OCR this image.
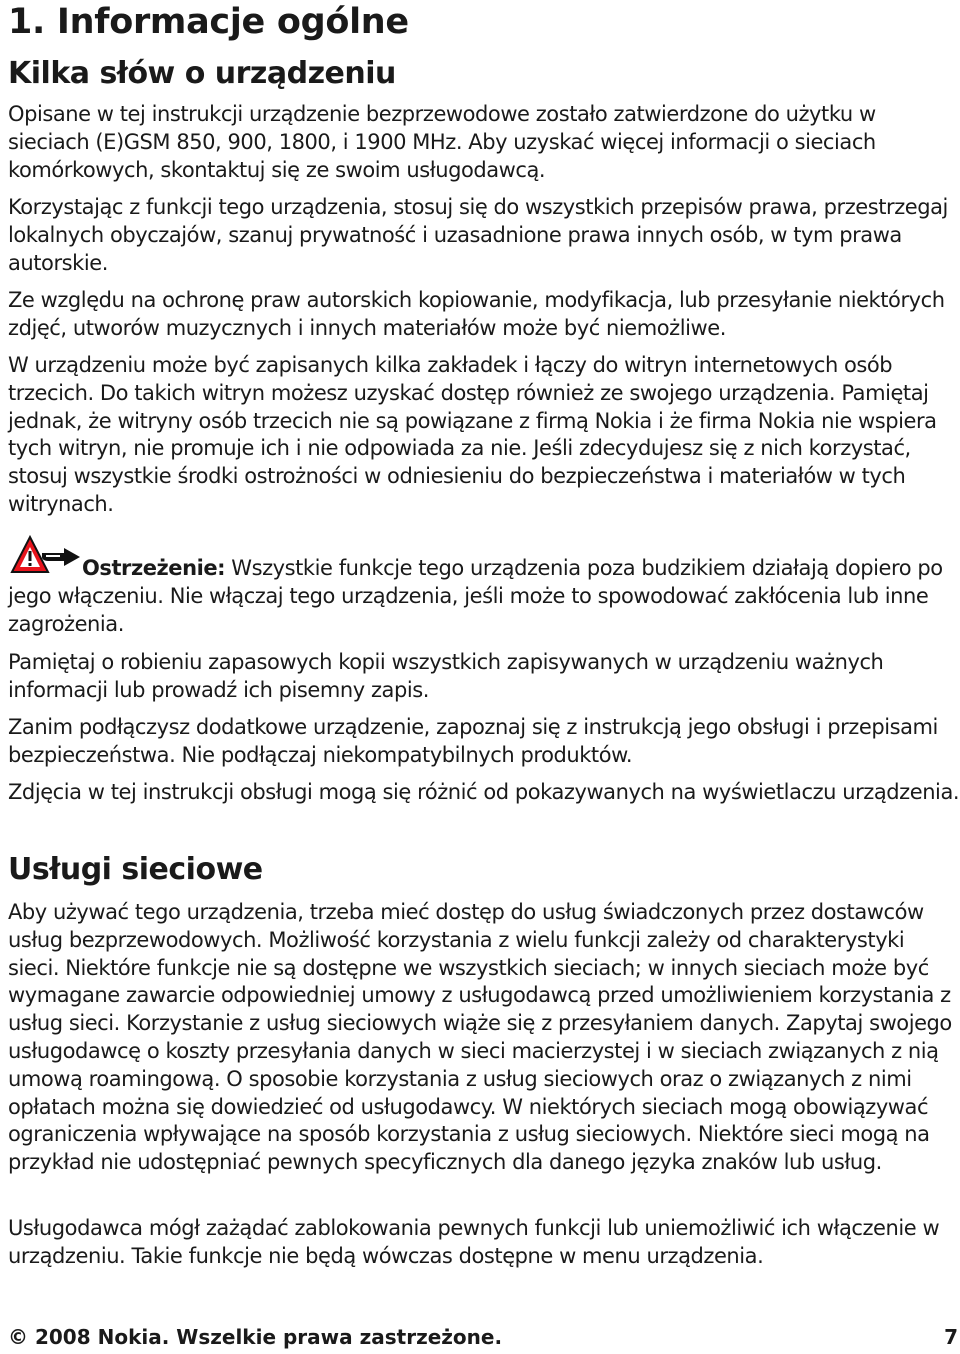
1. Informacje ogólne
Kilka słów o urządzeniu

Opisane w tej instrukcji urządzenie bezprzewodowe zostało zatwierdzone do użytku w sieciach (E)GSM 850, 900, 1800, i 1900 MHz. Aby uzyskać więcej informacji o sieciach komórkowych, skontaktuj się ze swoim usługodawcą.

Korzystając z funkcji tego urządzenia, stosuj się do wszystkich przepisów prawa, przestrzegaj lokalnych obyczajów, szanuj prywatność i uzasadnione prawa innych osób, w tym prawa autorskie.

Ze względu na ochronę praw autorskich kopiowanie, modyfikacja, lub przesyłanie niektórych zdjęć, utworów muzycznych i innych materiałów może być niemożliwe.

W urządzeniu może być zapisanych kilka zakładek i łączy do witryn internetowych osób trzecich. Do takich witryn możesz uzyskać dostęp również ze swojego urządzenia. Pamiętaj jednak, że witryny osób trzecich nie są powiązane z firmą Nokia i że firma Nokia nie wspiera tych witryn, nie promuje ich i nie odpowiada za nie. Jeśli zdecydujesz się z nich korzystać, stosuj wszystkie środki ostrożności w odniesieniu do bezpieczeństwa i materiałów w tych witrynach.

Ostrzeżenie: Wszystkie funkcje tego urządzenia poza budzikiem działają dopiero po jego włączeniu. Nie włączaj tego urządzenia, jeśli może to spowodować zakłócenia lub inne zagrożenia.

Pamiętaj o robieniu zapasowych kopii wszystkich zapisywanych w urządzeniu ważnych informacji lub prowadź ich pisemny zapis.

Zanim podłączysz dodatkowe urządzenie, zapoznaj się z instrukcją jego obsługi i przepisami bezpieczeństwa. Nie podłączaj niekompatybilnych produktów.

Zdjęcia w tej instrukcji obsługi mogą się różnić od pokazywanych na wyświetlaczu urządzenia.

Usługi sieciowe

Aby używać tego urządzenia, trzeba mieć dostęp do usług świadczonych przez dostawców usług bezprzewodowych. Możliwość korzystania z wielu funkcji zależy od charakterystyki sieci. Niektóre funkcje nie są dostępne we wszystkich sieciach; w innych sieciach może być wymagane zawarcie odpowiedniej umowy z usługodawcą przed umożliwieniem korzystania z usług sieci. Korzystanie z usług sieciowych wiąże się z przesyłaniem danych. Zapytaj swojego usługodawcę o koszty przesyłania danych w sieci macierzystej i w sieciach związanych z nią umową roamingową. O sposobie korzystania z usług sieciowych oraz o związanych z nimi opłatach można się dowiedzieć od usługodawcy. W niektórych sieciach mogą obowiązywać ograniczenia wpływające na sposób korzystania z usług sieciowych. Niektóre sieci mogą na przykład nie udostępniać pewnych specyficznych dla danego języka znaków lub usług.

Usługodawca mógł zażądać zablokowania pewnych funkcji lub uniemożliwić ich włączenie w urządzeniu. Takie funkcje nie będą wówczas dostępne w menu urządzenia.

© 2008 Nokia. Wszelkie prawa zastrzeżone.	7
